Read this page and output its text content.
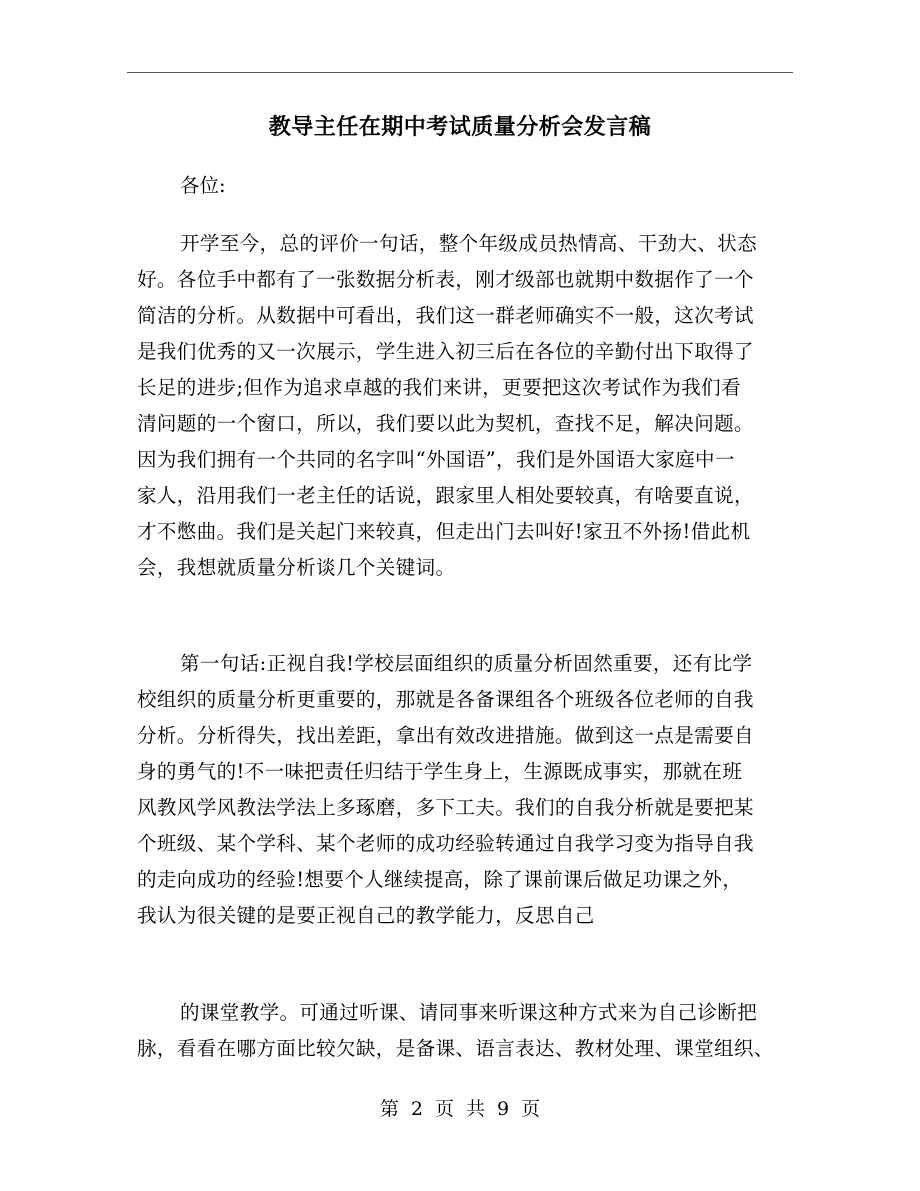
教导主任在期中考试质量分析会发言稿
各位:
开学至今，总的评价一句话，整个年级成员热情高、干劲大、状态
好。各位手中都有了一张数据分析表，刚才级部也就期中数据作了一个
简洁的分析。从数据中可看出，我们这一群老师确实不一般，这次考试
是我们优秀的又一次展示，学生进入初三后在各位的辛勤付出下取得了
长足的进步;但作为追求卓越的我们来讲，更要把这次考试作为我们看
清问题的一个窗口，所以，我们要以此为契机，查找不足，解决问题。
因为我们拥有一个共同的名字叫“外国语”，我们是外国语大家庭中一
家人，沿用我们一老主任的话说，跟家里人相处要较真，有啥要直说，
才不憋曲。我们是关起门来较真，但走出门去叫好!家丑不外扬!借此机
会，我想就质量分析谈几个关键词。
第一句话:正视自我!学校层面组织的质量分析固然重要，还有比学
校组织的质量分析更重要的，那就是各备课组各个班级各位老师的自我
分析。分析得失，找出差距，拿出有效改进措施。做到这一点是需要自
身的勇气的!不一味把责任归结于学生身上，生源既成事实，那就在班
风教风学风教法学法上多琢磨，多下工夫。我们的自我分析就是要把某
个班级、某个学科、某个老师的成功经验转通过自我学习变为指导自我
的走向成功的经验!想要个人继续提高，除了课前课后做足功课之外，
我认为很关键的是要正视自己的教学能力，反思自己
的课堂教学。可通过听课、请同事来听课这种方式来为自己诊断把
脉，看看在哪方面比较欠缺，是备课、语言表达、教材处理、课堂组织、
第 2 页 共 9 页
